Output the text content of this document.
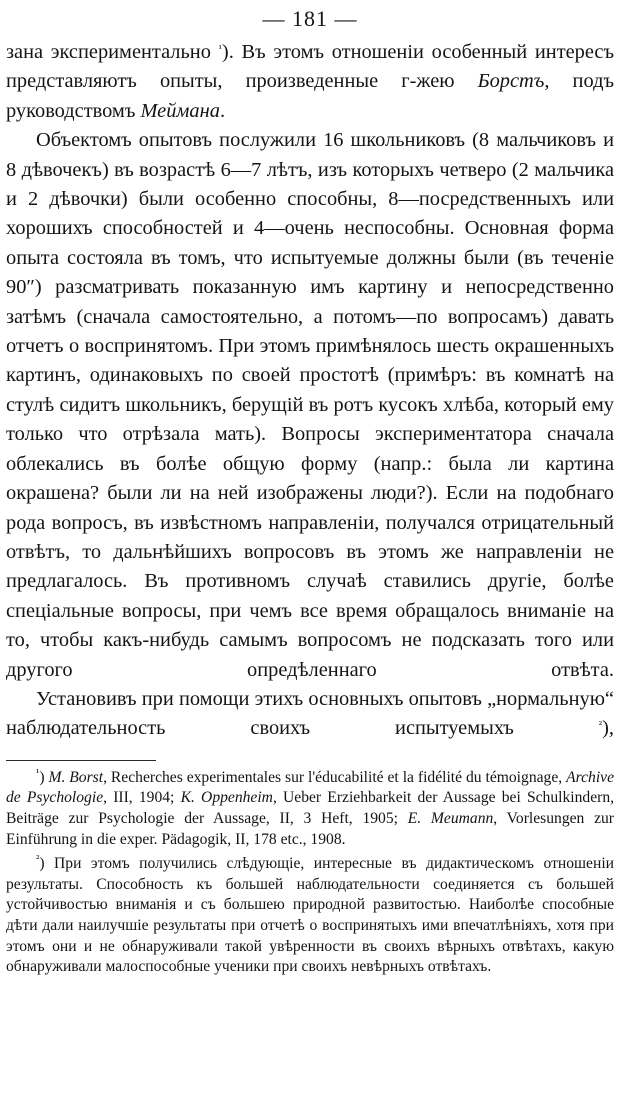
— 181 —

зана экспериментально $^{^1}$). Въ этомъ отношеніи особенный интересъ представляютъ опыты, произведенные г-жею Борстъ, подъ руководствомъ Меймана.

Объектомъ опытовъ послужили 16 школьниковъ (8 мальчиковъ и 8 дѣвочекъ) въ возрастѣ 6—7 лѣтъ, изъ которыхъ четверо (2 мальчика и 2 дѣвочки) были особенно способны, 8—посредственныхъ или хорошихъ способностей и 4—очень неспособны. Основная форма опыта состояла въ томъ, что испытуемые должны были (въ теченіе 90″) разсматривать показанную имъ картину и непосредственно затѣмъ (сначала самостоятельно, а потомъ—по вопросамъ) давать отчетъ о воспринятомъ. При этомъ примѣнялось шесть окрашенныхъ картинъ, одинаковыхъ по своей простотѣ (примѣръ: въ комнатѣ на стулѣ сидитъ школьникъ, берущій въ ротъ кусокъ хлѣба, который ему только что отрѣзала мать). Вопросы экспериментатора сначала облекались въ болѣе общую форму (напр.: была ли картина окрашена? были ли на ней изображены люди?). Если на подобнаго рода вопросъ, въ извѣстномъ направленіи, получался отрицательный отвѣтъ, то дальнѣйшихъ вопросовъ въ этомъ же направленіи не предлагалось. Въ противномъ случаѣ ставились другіе, болѣе спеціальные вопросы, при чемъ все время обращалось вниманіе на то, чтобы какъ-нибудь самымъ вопросомъ не подсказать того или другого опредѣленнаго отвѣта.

Установивъ при помощи этихъ основныхъ опытовъ „нормальную“ наблюдательность своихъ испытуемыхъ $^{^2}$),

$^{^1}$) M. Borst, Recherches experimentales sur l'éducabilité et la fidélité du témoignage, Archive de Psychologie, III, 1904; K. Oppenheim, Ueber Erziehbarkeit der Aussage bei Schulkindern, Beiträge zur Psychologie der Aussage, II, 3 Heft, 1905; E. Meumann, Vorlesungen zur Einführung in die exper. Pädagogik, II, 178 etc., 1908.

$^{^2}$) При этомъ получились слѣдующіе, интересные въ дидактическомъ отношеніи результаты. Способность къ большей наблюдательности соединяется съ большей устойчивостью вниманія и съ большею природной развитостью. Наиболѣе способные дѣти дали наилучшіе результаты при отчетѣ о воспринятыхъ ими впечатлѣніяхъ, хотя при этомъ они и не обнаруживали такой увѣренности въ своихъ вѣрныхъ отвѣтахъ, какую обнаруживали малоспособные ученики при своихъ невѣрныхъ отвѣтахъ.
